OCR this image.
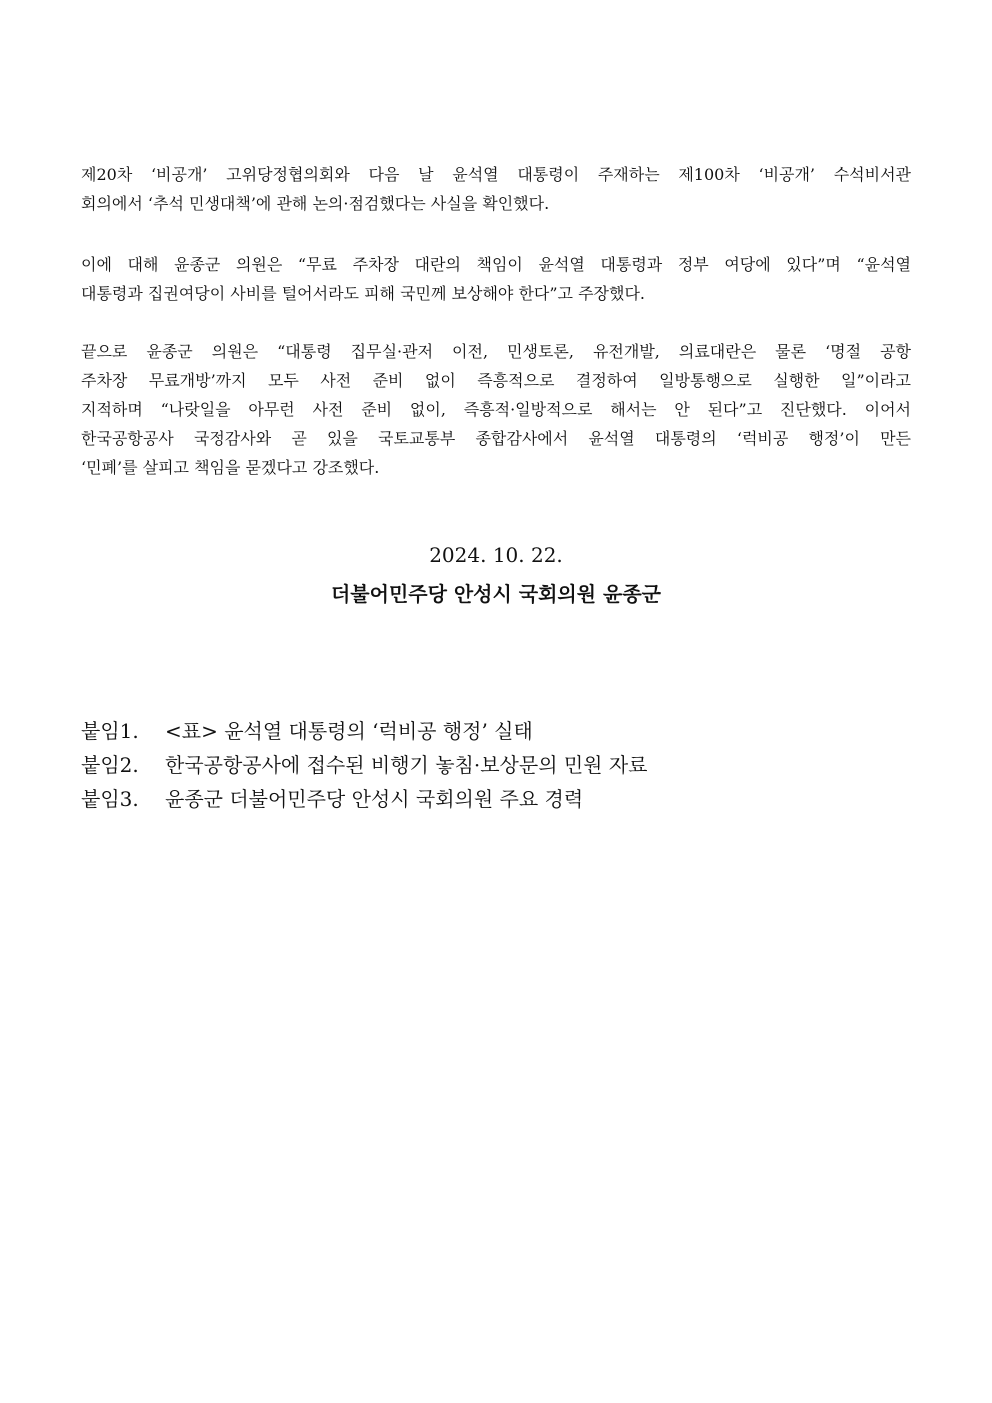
제20차 ‘비공개’ 고위당정협의회와 다음 날 윤석열 대통령이 주재하는 제100차 ‘비공개’ 수석비서관
회의에서 ‘추석 민생대책’에 관해 논의·점검했다는 사실을 확인했다.

이에 대해 윤종군 의원은 “무료 주차장 대란의 책임이 윤석열 대통령과 정부 여당에 있다”며 “윤석열
대통령과 집권여당이 사비를 털어서라도 피해 국민께 보상해야 한다”고 주장했다.

끝으로 윤종군 의원은 “대통령 집무실·관저 이전, 민생토론, 유전개발, 의료대란은 물론 ‘명절 공항
주차장 무료개방’까지 모두 사전 준비 없이 즉흥적으로 결정하여 일방통행으로 실행한 일”이라고
지적하며 “나랏일을 아무런 사전 준비 없이, 즉흥적·일방적으로 해서는 안 된다”고 진단했다. 이어서
한국공항공사 국정감사와 곧 있을 국토교통부 종합감사에서 윤석열 대통령의 ‘럭비공 행정’이 만든
‘민폐’를 살피고 책임을 묻겠다고 강조했다.

2024. 10. 22.

더불어민주당 안성시 국회의원 윤종군

붙임1. <표> 윤석열 대통령의 ‘럭비공 행정’ 실태
붙임2. 한국공항공사에 접수된 비행기 놓침·보상문의 민원 자료
붙임3. 윤종군 더불어민주당 안성시 국회의원 주요 경력
